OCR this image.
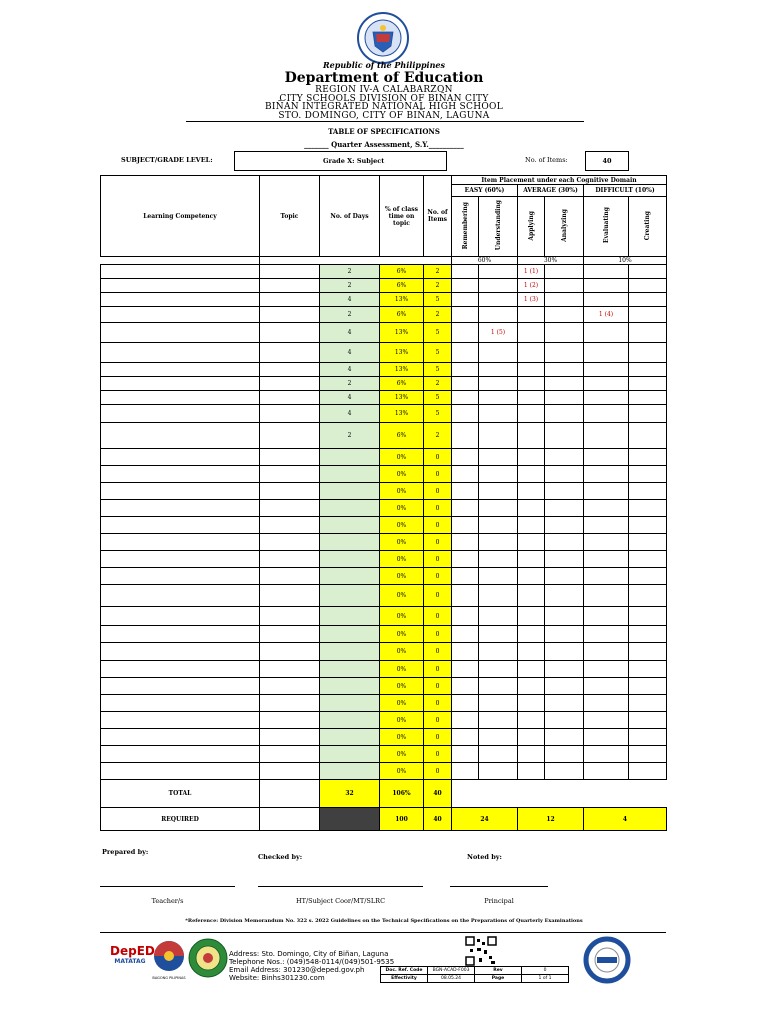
Republic of the Philippines
Department of Education
REGION IV-A CALABARZON
CITY SCHOOLS DIVISION OF BIÑAN CITY
BIÑAN INTEGRATED NATIONAL HIGH SCHOOL
STO. DOMINGO, CITY OF BIÑAN, LAGUNA
TABLE OF SPECIFICATIONS
_______ Quarter Assessment, S.Y.__________
SUBJECT/GRADE LEVEL:	Grade X: Subject	No. of Items:	40
Learning Competency	Topic	No. of Days	% of class time on topic	No. of Items	Item Placement under each Cognitive Domain					
					EASY (60%)		AVERAGE (30%)		DIFFICULT (10%)	
					Remembering	Understanding	Applying	Analyzing	Evaluating	Creating
					60%		30%		10%	
		2	6%	2			1 (1)			
		2	6%	2			1 (2)			
		4	13%	5			1 (3)			
		2	6%	2					1 (4)	
		4	13%	5		1 (5)				
		4	13%	5						
		4	13%	5						
		2	6%	2						
		4	13%	5						
		4	13%	5						
		2	6%	2						
			0%	0						
			0%	0						
			0%	0						
			0%	0						
			0%	0						
			0%	0						
			0%	0						
			0%	0						
			0%	0						
			0%	0						
			0%	0						
			0%	0						
			0%	0						
			0%	0						
			0%	0						
			0%	0						
			0%	0						
			0%	0						
			0%	0						
TOTAL		32	106%	40						
REQUIRED			100	40	24		12		4	
Prepared by:
Checked by:	Noted by:
Teacher/s	HT/Subject Coor/MT/SLRC	Principal
*Reference: Division Memorandum No. 322 s. 2022 Guidelines on the Technical Specifications on the Preparations of Quarterly Examinations
DepED
MATATAG
BAGONG PILIPINAS
Address: Sto. Domingo, City of Biñan, Laguna
Telephone Nos.: (049)548-0114/(049)501-9535
Email Address: 301230@deped.gov.ph
Website: Binhs301230.com
Doc. Ref. Code	BGN-ACAD-F003	Rev	0
Effectivity	08.05.24	Page	1 of 1
